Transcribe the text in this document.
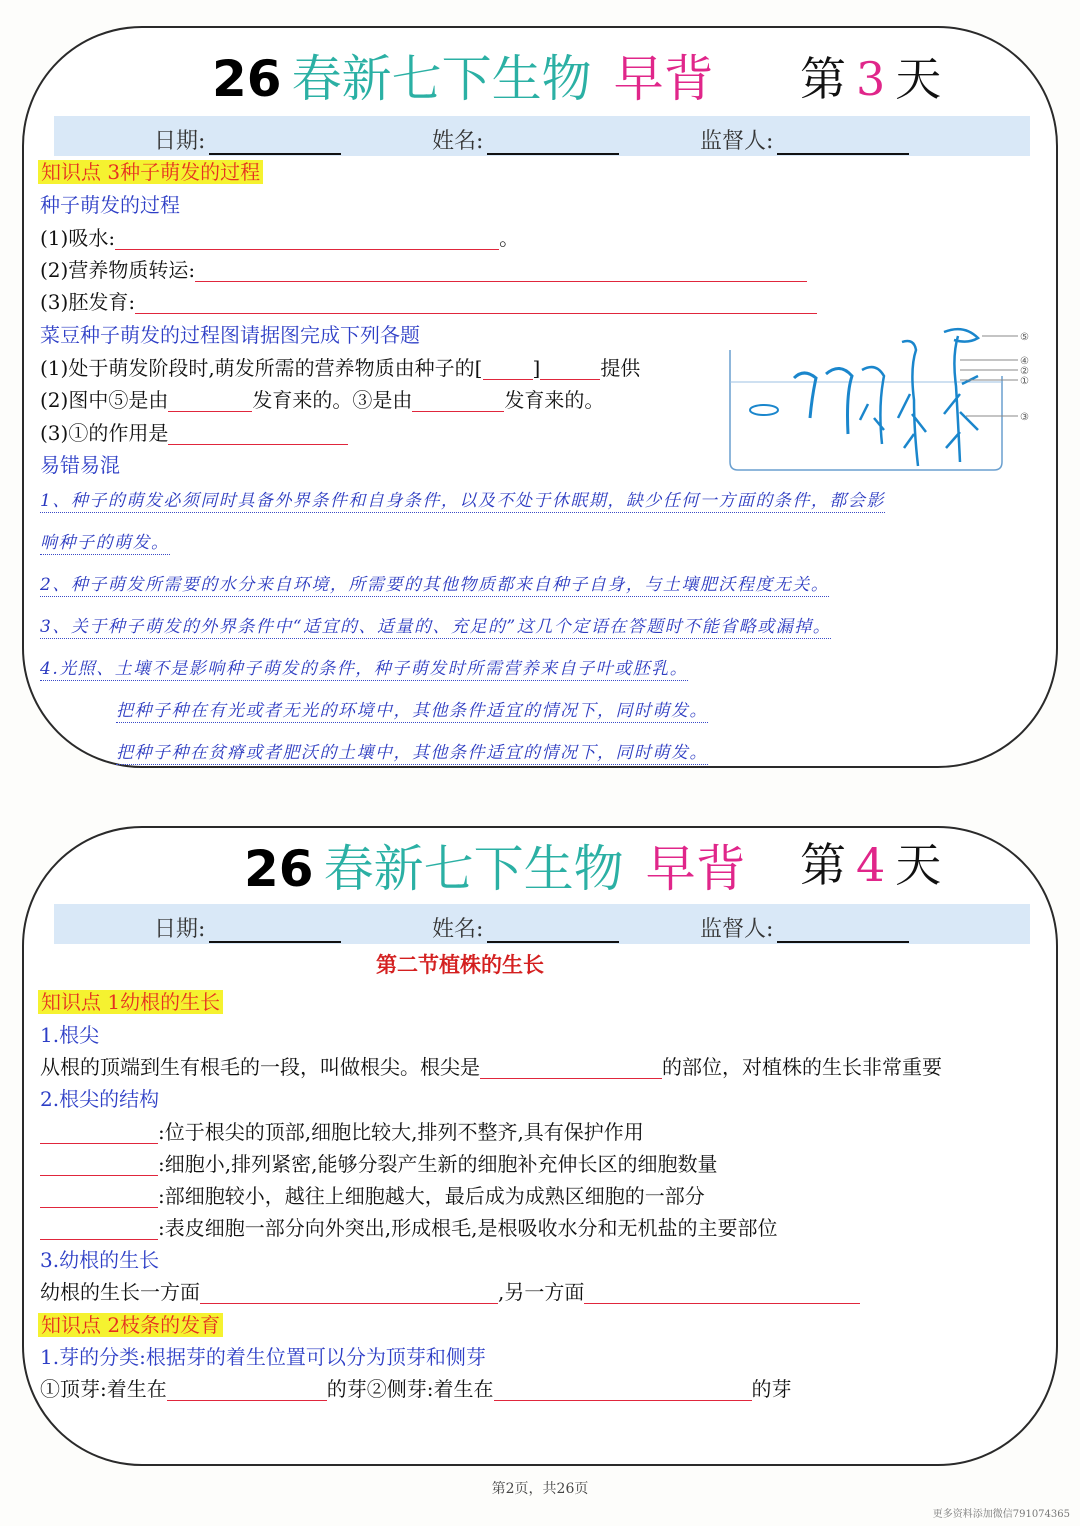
26 春新七下生物 早背 第 3 天
日期:	姓名:	监督人:
知识点 3种子萌发的过程
种子萌发的过程
(1)吸水:	。
(2)营养物质转运:
(3)胚发育:
菜豆种子萌发的过程图请据图完成下列各题
(1)处于萌发阶段时,萌发所需的营养物质由种子的[	]	提供
(2)图中⑤是由	发育来的。③是由	发育来的。
(3)①的作用是
易错易混
⑤
④
②
①
③
1、种子的萌发必须同时具备外界条件和自身条件，以及不处于休眠期，缺少任何一方面的条件，都会影
响种子的萌发。
2、种子萌发所需要的水分来自环境，所需要的其他物质都来自种子自身，与土壤肥沃程度无关。
3、关于种子萌发的外界条件中“适宜的、适量的、充足的”这几个定语在答题时不能省略或漏掉。
4.光照、土壤不是影响种子萌发的条件，种子萌发时所需营养来自子叶或胚乳。
把种子种在有光或者无光的环境中，其他条件适宜的情况下，同时萌发。
把种子种在贫瘠或者肥沃的土壤中，其他条件适宜的情况下，同时萌发。
26 春新七下生物 早背 第 4 天
日期:	姓名:	监督人:
第二节植株的生长
知识点 1幼根的生长
1.根尖
从根的顶端到生有根毛的一段，叫做根尖。根尖是	的部位，对植株的生长非常重要
2.根尖的结构
:位于根尖的顶部,细胞比较大,排列不整齐,具有保护作用
:细胞小,排列紧密,能够分裂产生新的细胞补充伸长区的细胞数量
:部细胞较小，越往上细胞越大，最后成为成熟区细胞的一部分
:表皮细胞一部分向外突出,形成根毛,是根吸收水分和无机盐的主要部位
3.幼根的生长
幼根的生长一方面	,另一方面
知识点 2枝条的发育
1.芽的分类:根据芽的着生位置可以分为顶芽和侧芽
①顶芽:着生在	的芽②侧芽:着生在	的芽
第2页，共26页
更多资料添加微信791074365
